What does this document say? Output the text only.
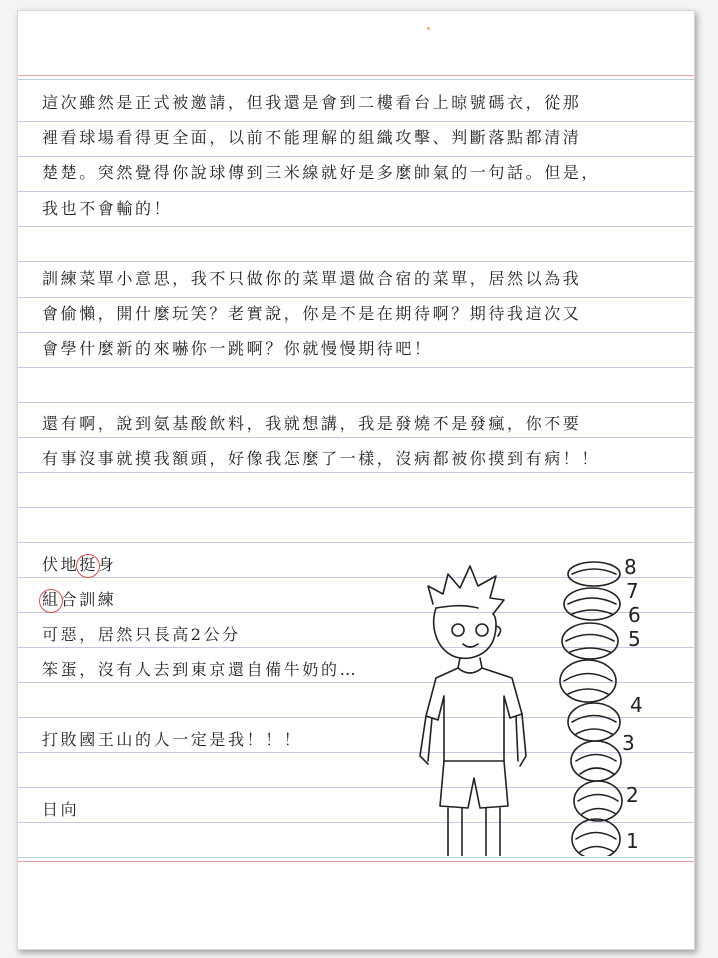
這次雖然是正式被邀請，但我還是會到二樓看台上晾號碼衣，從那
裡看球場看得更全面，以前不能理解的組織攻擊、判斷落點都清清
楚楚。突然覺得你說球傳到三米線就好是多麼帥氣的一句話。但是，
我也不會輸的！
訓練菜單小意思，我不只做你的菜單還做合宿的菜單，居然以為我
會偷懶，開什麼玩笑？老實說，你是不是在期待啊？期待我這次又
會學什麼新的來嚇你一跳啊？你就慢慢期待吧！
還有啊，說到氨基酸飲料，我就想講，我是發燒不是發瘋，你不要
有事沒事就摸我額頭，好像我怎麼了一樣，沒病都被你摸到有病！！
伏地挺身
組合訓練
可惡，居然只長高2公分
笨蛋，沒有人去到東京還自備牛奶的…
打敗國王山的人一定是我！！！
日向
1
2
3
4
5
6
7
8
